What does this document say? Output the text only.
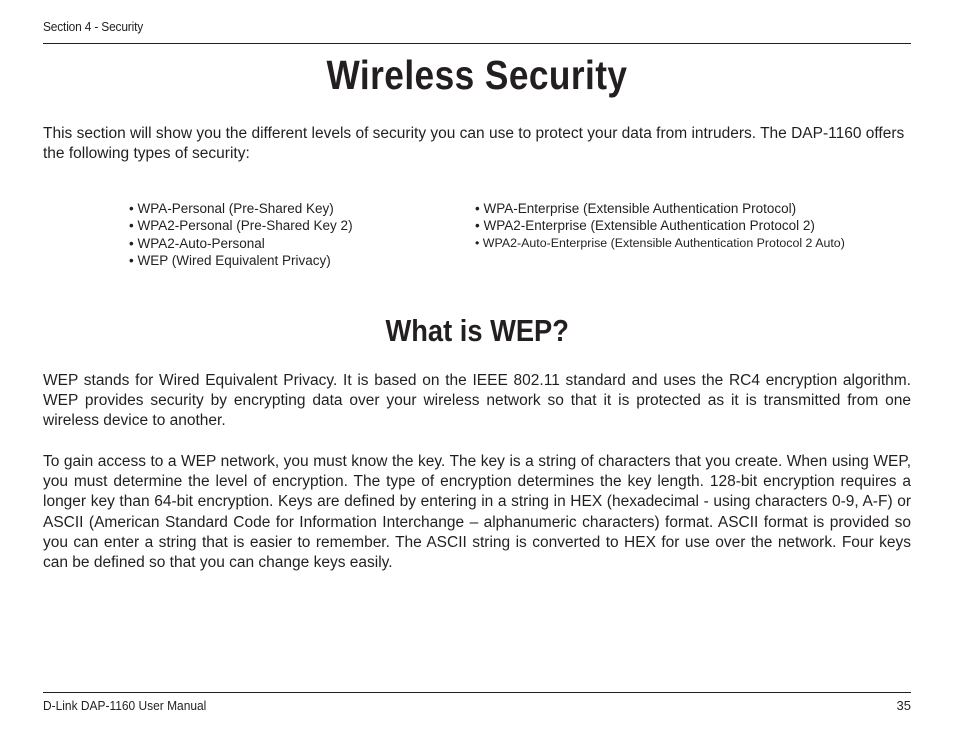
Section 4 - Security
Wireless Security
This section will show you the different levels of security you can use to protect your data from intruders. The DAP-1160 offers the following types of security:
• WPA-Personal (Pre-Shared Key)
• WPA2-Personal (Pre-Shared Key 2)
• WPA2-Auto-Personal
• WEP (Wired Equivalent Privacy)
• WPA-Enterprise (Extensible Authentication Protocol)
• WPA2-Enterprise (Extensible Authentication Protocol 2)
• WPA2-Auto-Enterprise (Extensible Authentication Protocol 2 Auto)
What is WEP?
WEP stands for Wired Equivalent Privacy. It is based on the IEEE 802.11 standard and uses the RC4 encryption algorithm. WEP provides security by encrypting data over your wireless network so that it is protected as it is transmitted from one wireless device to another.
To gain access to a WEP network, you must know the key. The key is a string of characters that you create. When using WEP, you must determine the level of encryption. The type of encryption determines the key length. 128-bit encryption requires a longer key than 64-bit encryption. Keys are defined by entering in a string in HEX (hexadecimal - using characters 0-9, A-F) or ASCII (American Standard Code for Information Interchange – alphanumeric characters) format. ASCII format is provided so you can enter a string that is easier to remember. The ASCII string is converted to HEX for use over the network. Four keys can be defined so that you can change keys easily.
D-Link DAP-1160 User Manual	35
